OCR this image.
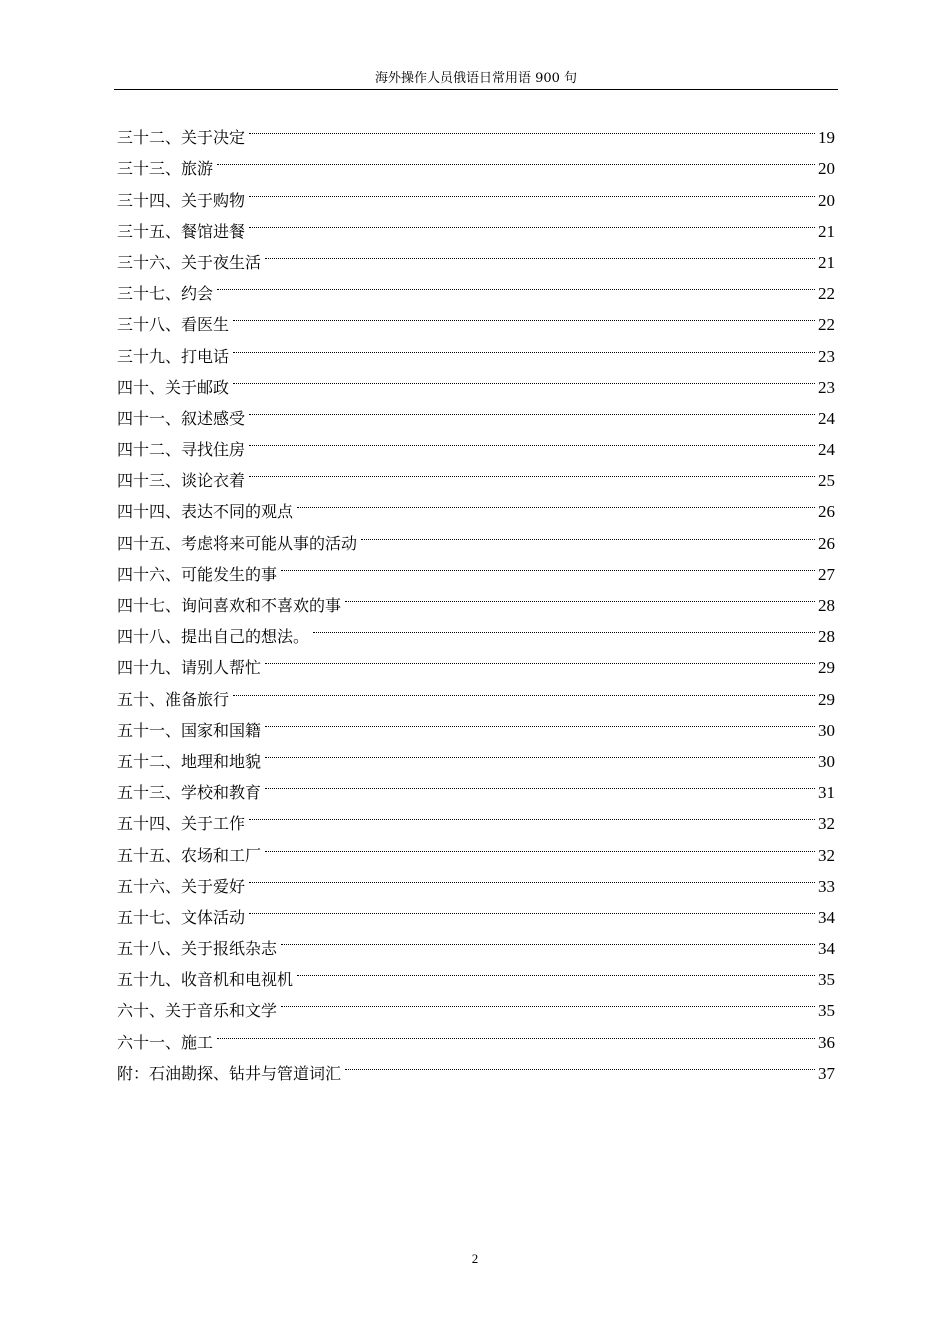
海外操作人员俄语日常用语 900 句
三十二、关于决定	19
三十三、旅游	20
三十四、关于购物	20
三十五、餐馆进餐	21
三十六、关于夜生活	21
三十七、约会	22
三十八、看医生	22
三十九、打电话	23
四十、关于邮政	23
四十一、叙述感受	24
四十二、寻找住房	24
四十三、谈论衣着	25
四十四、表达不同的观点	26
四十五、考虑将来可能从事的活动	26
四十六、可能发生的事	27
四十七、询问喜欢和不喜欢的事	28
四十八、提出自己的想法。	28
四十九、请别人帮忙	29
五十、准备旅行	29
五十一、国家和国籍	30
五十二、地理和地貌	30
五十三、学校和教育	31
五十四、关于工作	32
五十五、农场和工厂	32
五十六、关于爱好	33
五十七、文体活动	34
五十八、关于报纸杂志	34
五十九、收音机和电视机	35
六十、关于音乐和文学	35
六十一、施工	36
附：石油勘探、钻井与管道词汇	37
2
